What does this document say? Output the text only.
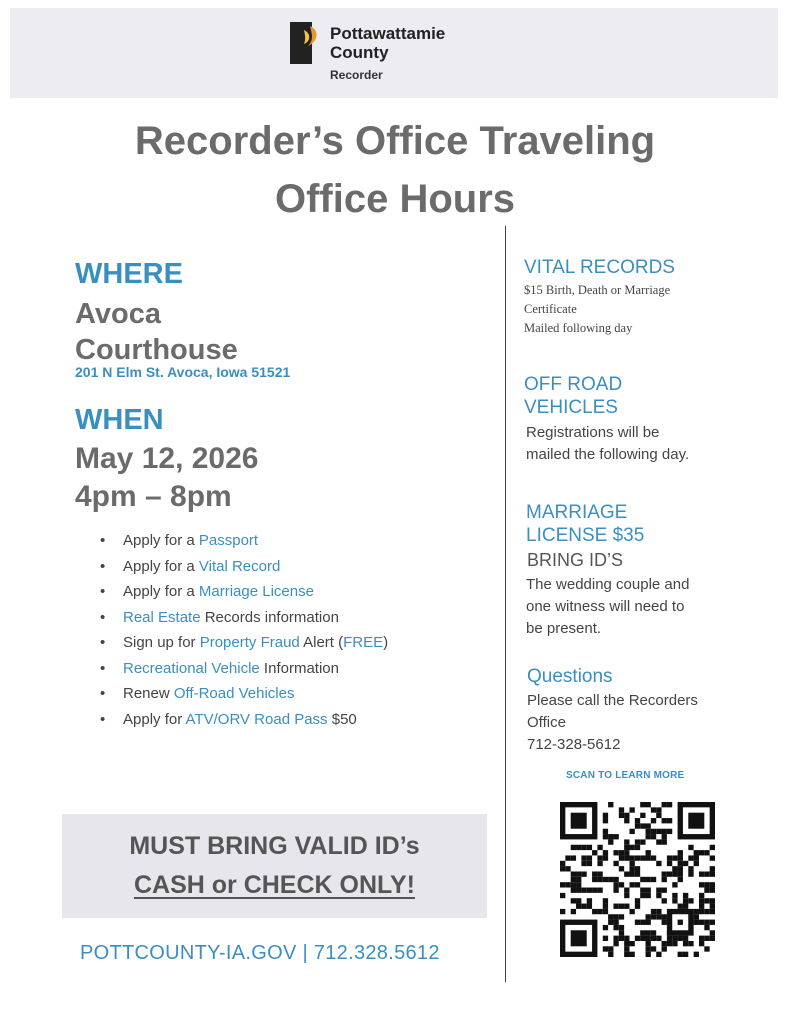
Pottawattamie
County
Recorder
Recorder’s Office Traveling
Office Hours
WHERE
Avoca
Courthouse
201 N Elm St. Avoca, Iowa 51521
WHEN
May 12, 2026
4pm – 8pm
• Apply for a Passport
• Apply for a Vital Record
• Apply for a Marriage License
• Real Estate Records information
• Sign up for Property Fraud Alert (FREE)
• Recreational Vehicle Information
• Renew Off-Road Vehicles
• Apply for ATV/ORV Road Pass $50
MUST BRING VALID ID’s
CASH or CHECK ONLY!
POTTCOUNTY-IA.GOV | 712.328.5612
VITAL RECORDS
$15 Birth, Death or Marriage
Certificate
Mailed following day
OFF ROAD
VEHICLES
Registrations will be
mailed the following day.
MARRIAGE
LICENSE $35
BRING ID’S
The wedding couple and
one witness will need to
be present.
Questions
Please call the Recorders
Office
712-328-5612
SCAN TO LEARN MORE
